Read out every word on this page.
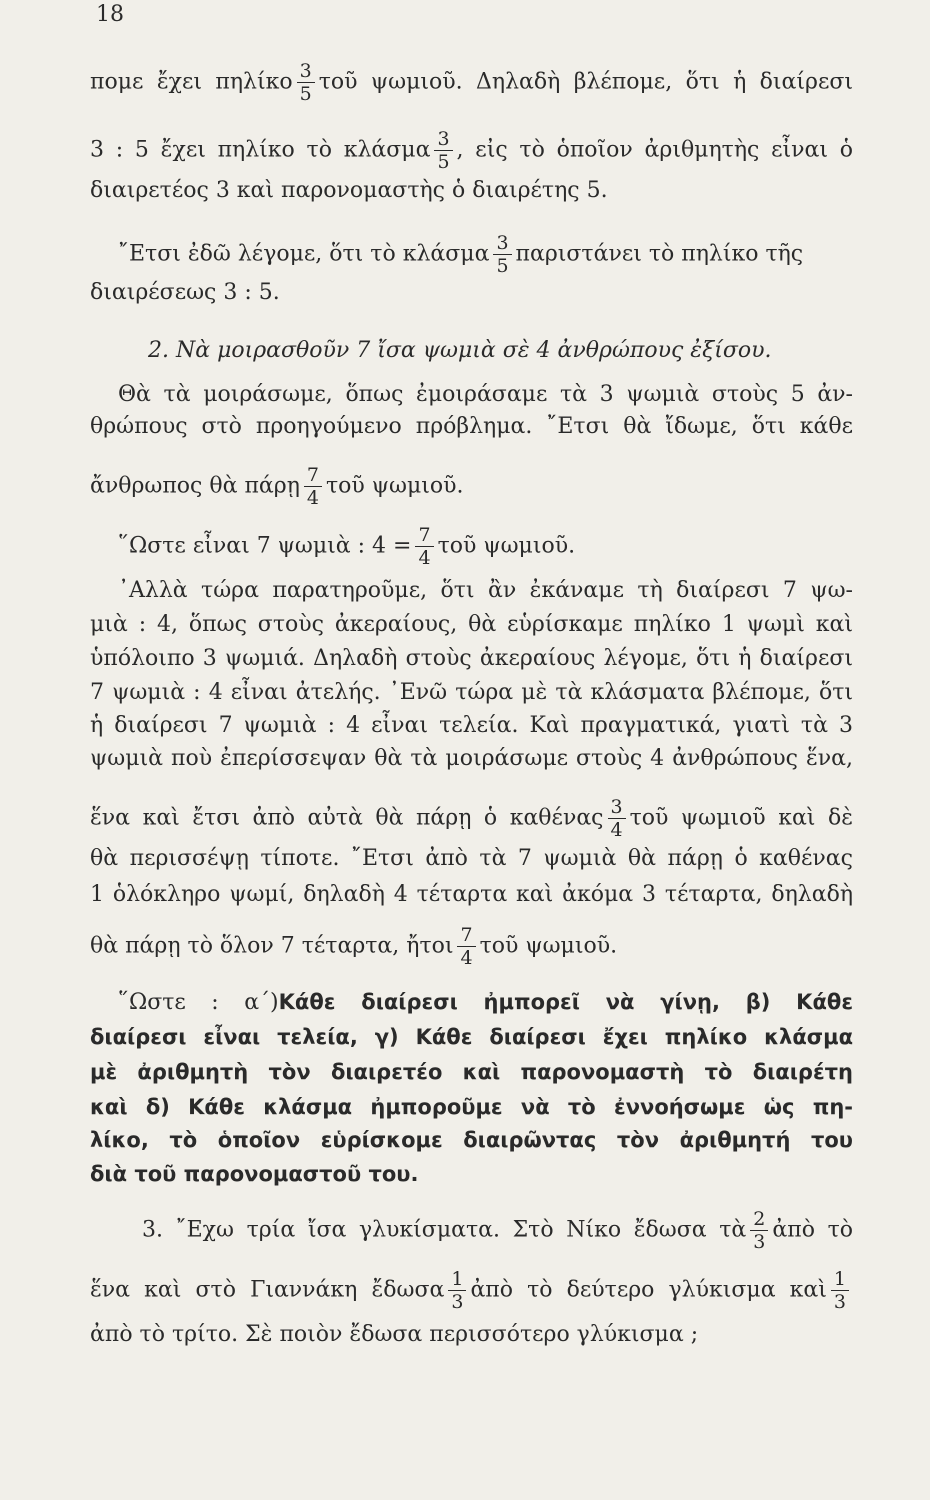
18
πομε ἔχει πηλίκο $\frac{3}{5}$ τοῦ ψωμιοῦ. Δηλαδὴ βλέπομε, ὅτι ἡ διαίρεσι
3 : 5 ἔχει πηλίκο τὸ κλάσμα $\frac{3}{5}$ , εἰς τὸ ὁποῖον ἀριθμητὴς εἶναι ὁ
διαιρετέος 3 καὶ παρονομαστὴς ὁ διαιρέτης 5.
῎Ετσι ἐδῶ λέγομε, ὅτι τὸ κλάσμα $\frac{3}{5}$ παριστάνει τὸ πηλίκο τῆς
διαιρέσεως 3 : 5.
2. Νὰ μοιρασθοῦν 7 ἴσα ψωμιὰ σὲ 4 ἀνθρώπους ἐξίσου.
Θὰ τὰ μοιράσωμε, ὅπως ἐμοιράσαμε τὰ 3 ψωμιὰ στοὺς 5 ἀν-
θρώπους στὸ προηγούμενο πρόβλημα. ῎Ετσι θὰ ἴδωμε, ὅτι κάθε
ἄνθρωπος θὰ πάρῃ $\frac{7}{4}$ τοῦ ψωμιοῦ.
῞Ωστε εἶναι 7 ψωμιὰ : $4 = \frac{7}{4}$ τοῦ ψωμιοῦ.
᾿Αλλὰ τώρα παρατηροῦμε, ὅτι ἂν ἐκάναμε τὴ διαίρεσι 7 ψω-
μιὰ : 4, ὅπως στοὺς ἀκεραίους, θὰ εὑρίσκαμε πηλίκο 1 ψωμὶ καὶ
ὑπόλοιπο 3 ψωμιά. Δηλαδὴ στοὺς ἀκεραίους λέγομε, ὅτι ἡ διαίρεσι
7 ψωμιὰ : 4 εἶναι ἀτελής. ᾿Ενῶ τώρα μὲ τὰ κλάσματα βλέπομε, ὅτι
ἡ διαίρεσι 7 ψωμιὰ : 4 εἶναι τελεία. Καὶ πραγματικά, γιατὶ τὰ 3
ψωμιὰ ποὺ ἐπερίσσεψαν θὰ τὰ μοιράσωμε στοὺς 4 ἀνθρώπους ἕνα,
ἕνα καὶ ἔτσι ἀπὸ αὐτὰ θὰ πάρῃ ὁ καθένας $\frac{3}{4}$ τοῦ ψωμιοῦ καὶ δὲ
θὰ περισσέψῃ τίποτε. ῎Ετσι ἀπὸ τὰ 7 ψωμιὰ θὰ πάρῃ ὁ καθένας
1 ὁλόκληρο ψωμί, δηλαδὴ 4 τέταρτα καὶ ἀκόμα 3 τέταρτα, δηλαδὴ
θὰ πάρῃ τὸ ὅλον 7 τέταρτα, ἤτοι $\frac{7}{4}$ τοῦ ψωμιοῦ.
῞Ωστε : α΄)Κάθε διαίρεσι ἠμπορεῖ νὰ γίνῃ, β) Κάθε
διαίρεσι εἶναι τελεία, γ) Κάθε διαίρεσι ἔχει πηλίκο κλάσμα
μὲ ἀριθμητὴ τὸν διαιρετέο καὶ παρονομαστὴ τὸ διαιρέτη
καὶ δ) Κάθε κλάσμα ἠμποροῦμε νὰ τὸ ἐννοήσωμε ὡς πη-
λίκο, τὸ ὁποῖον εὑρίσκομε διαιρῶντας τὸν ἀριθμητή του
διὰ τοῦ παρονομαστοῦ του.
3. ῎Εχω τρία ἴσα γλυκίσματα. Στὸ Νίκο ἔδωσα τὰ $\frac{2}{3}$ ἀπὸ τὸ
ἕνα καὶ στὸ Γιαννάκη ἔδωσα $\frac{1}{3}$ ἀπὸ τὸ δεύτερο γλύκισμα καὶ $\frac{1}{3}$
ἀπὸ τὸ τρίτο. Σὲ ποιὸν ἔδωσα περισσότερο γλύκισμα ;
